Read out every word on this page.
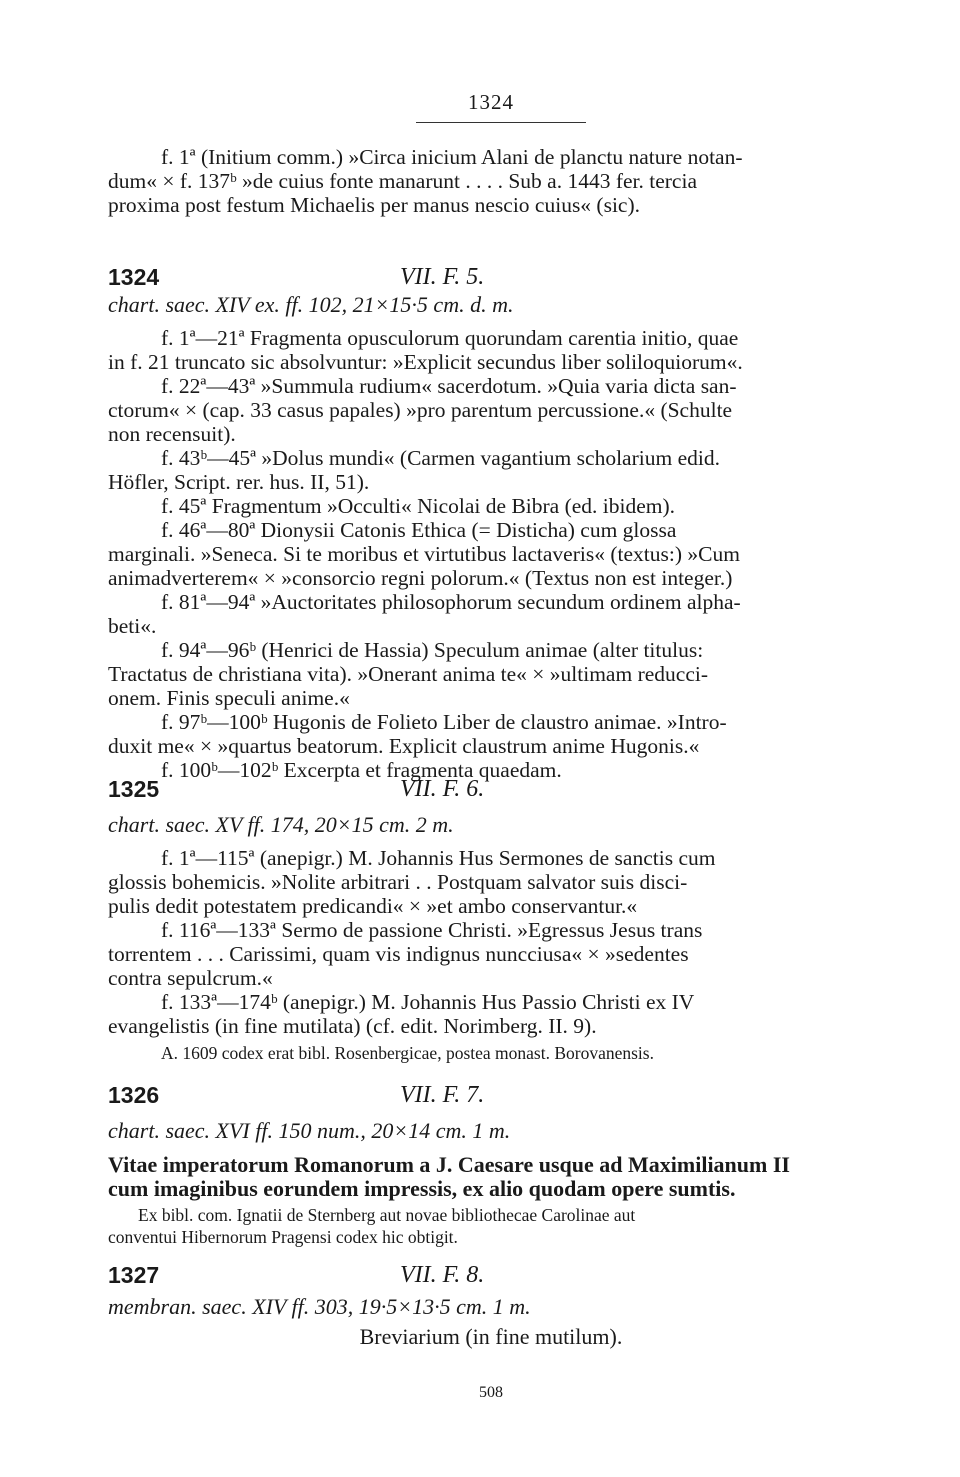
1324
f. 1ª (Initium comm.) »Circa inicium Alani de planctu nature notan-
dum« × f. 137ᵇ »de cuius fonte manarunt . . . . Sub a. 1443 fer. tercia
proxima post festum Michaelis per manus nescio cuius« (sic).
1324	VII. F. 5.
chart. saec. XIV ex. ff. 102, 21×15·5 cm. d. m.
f. 1ª—21ª Fragmenta opusculorum quorundam carentia initio, quae
in f. 21 truncato sic absolvuntur: »Explicit secundus liber soliloquiorum«.
f. 22ª—43ª »Summula rudium« sacerdotum. »Quia varia dicta san-
ctorum« × (cap. 33 casus papales) »pro parentum percussione.« (Schulte
non recensuit).
f. 43ᵇ—45ª »Dolus mundi« (Carmen vagantium scholarium edid.
Höfler, Script. rer. hus. II, 51).
f. 45ª Fragmentum »Occulti« Nicolai de Bibra (ed. ibidem).
f. 46ª—80ª Dionysii Catonis Ethica (= Disticha) cum glossa
marginali. »Seneca. Si te moribus et virtutibus lactaveris« (textus:) »Cum
animadverterem« × »consorcio regni polorum.« (Textus non est integer.)
f. 81ª—94ª »Auctoritates philosophorum secundum ordinem alpha-
beti«.
f. 94ª—96ᵇ (Henrici de Hassia) Speculum animae (alter titulus:
Tractatus de christiana vita). »Onerant anima te« × »ultimam reducci-
onem. Finis speculi anime.«
f. 97ᵇ—100ᵇ Hugonis de Folieto Liber de claustro animae. »Intro-
duxit me« × »quartus beatorum. Explicit claustrum anime Hugonis.«
f. 100ᵇ—102ᵇ Excerpta et fragmenta quaedam.
1325	VII. F. 6.
chart. saec. XV ff. 174, 20×15 cm. 2 m.
f. 1ª—115ª (anepigr.) M. Johannis Hus Sermones de sanctis cum
glossis bohemicis. »Nolite arbitrari . . Postquam salvator suis disci-
pulis dedit potestatem predicandi« × »et ambo conservantur.«
f. 116ª—133ª Sermo de passione Christi. »Egressus Jesus trans
torrentem . . . Carissimi, quam vis indignus nuncciusa« × »sedentes
contra sepulcrum.«
f. 133ª—174ᵇ (anepigr.) M. Johannis Hus Passio Christi ex IV
evangelistis (in fine mutilata) (cf. edit. Norimberg. II. 9).
A. 1609 codex erat bibl. Rosenbergicae, postea monast. Borovanensis.
1326	VII. F. 7.
chart. saec. XVI ff. 150 num., 20×14 cm. 1 m.
Vitae imperatorum Romanorum a J. Caesare usque ad Maximilianum II
cum imaginibus eorundem impressis, ex alio quodam opere sumtis.
Ex bibl. com. Ignatii de Sternberg aut novae bibliothecae Carolinae aut
conventui Hibernorum Pragensi codex hic obtigit.
1327	VII. F. 8.
membran. saec. XIV ff. 303, 19·5×13·5 cm. 1 m.
Breviarium (in fine mutilum).
508
